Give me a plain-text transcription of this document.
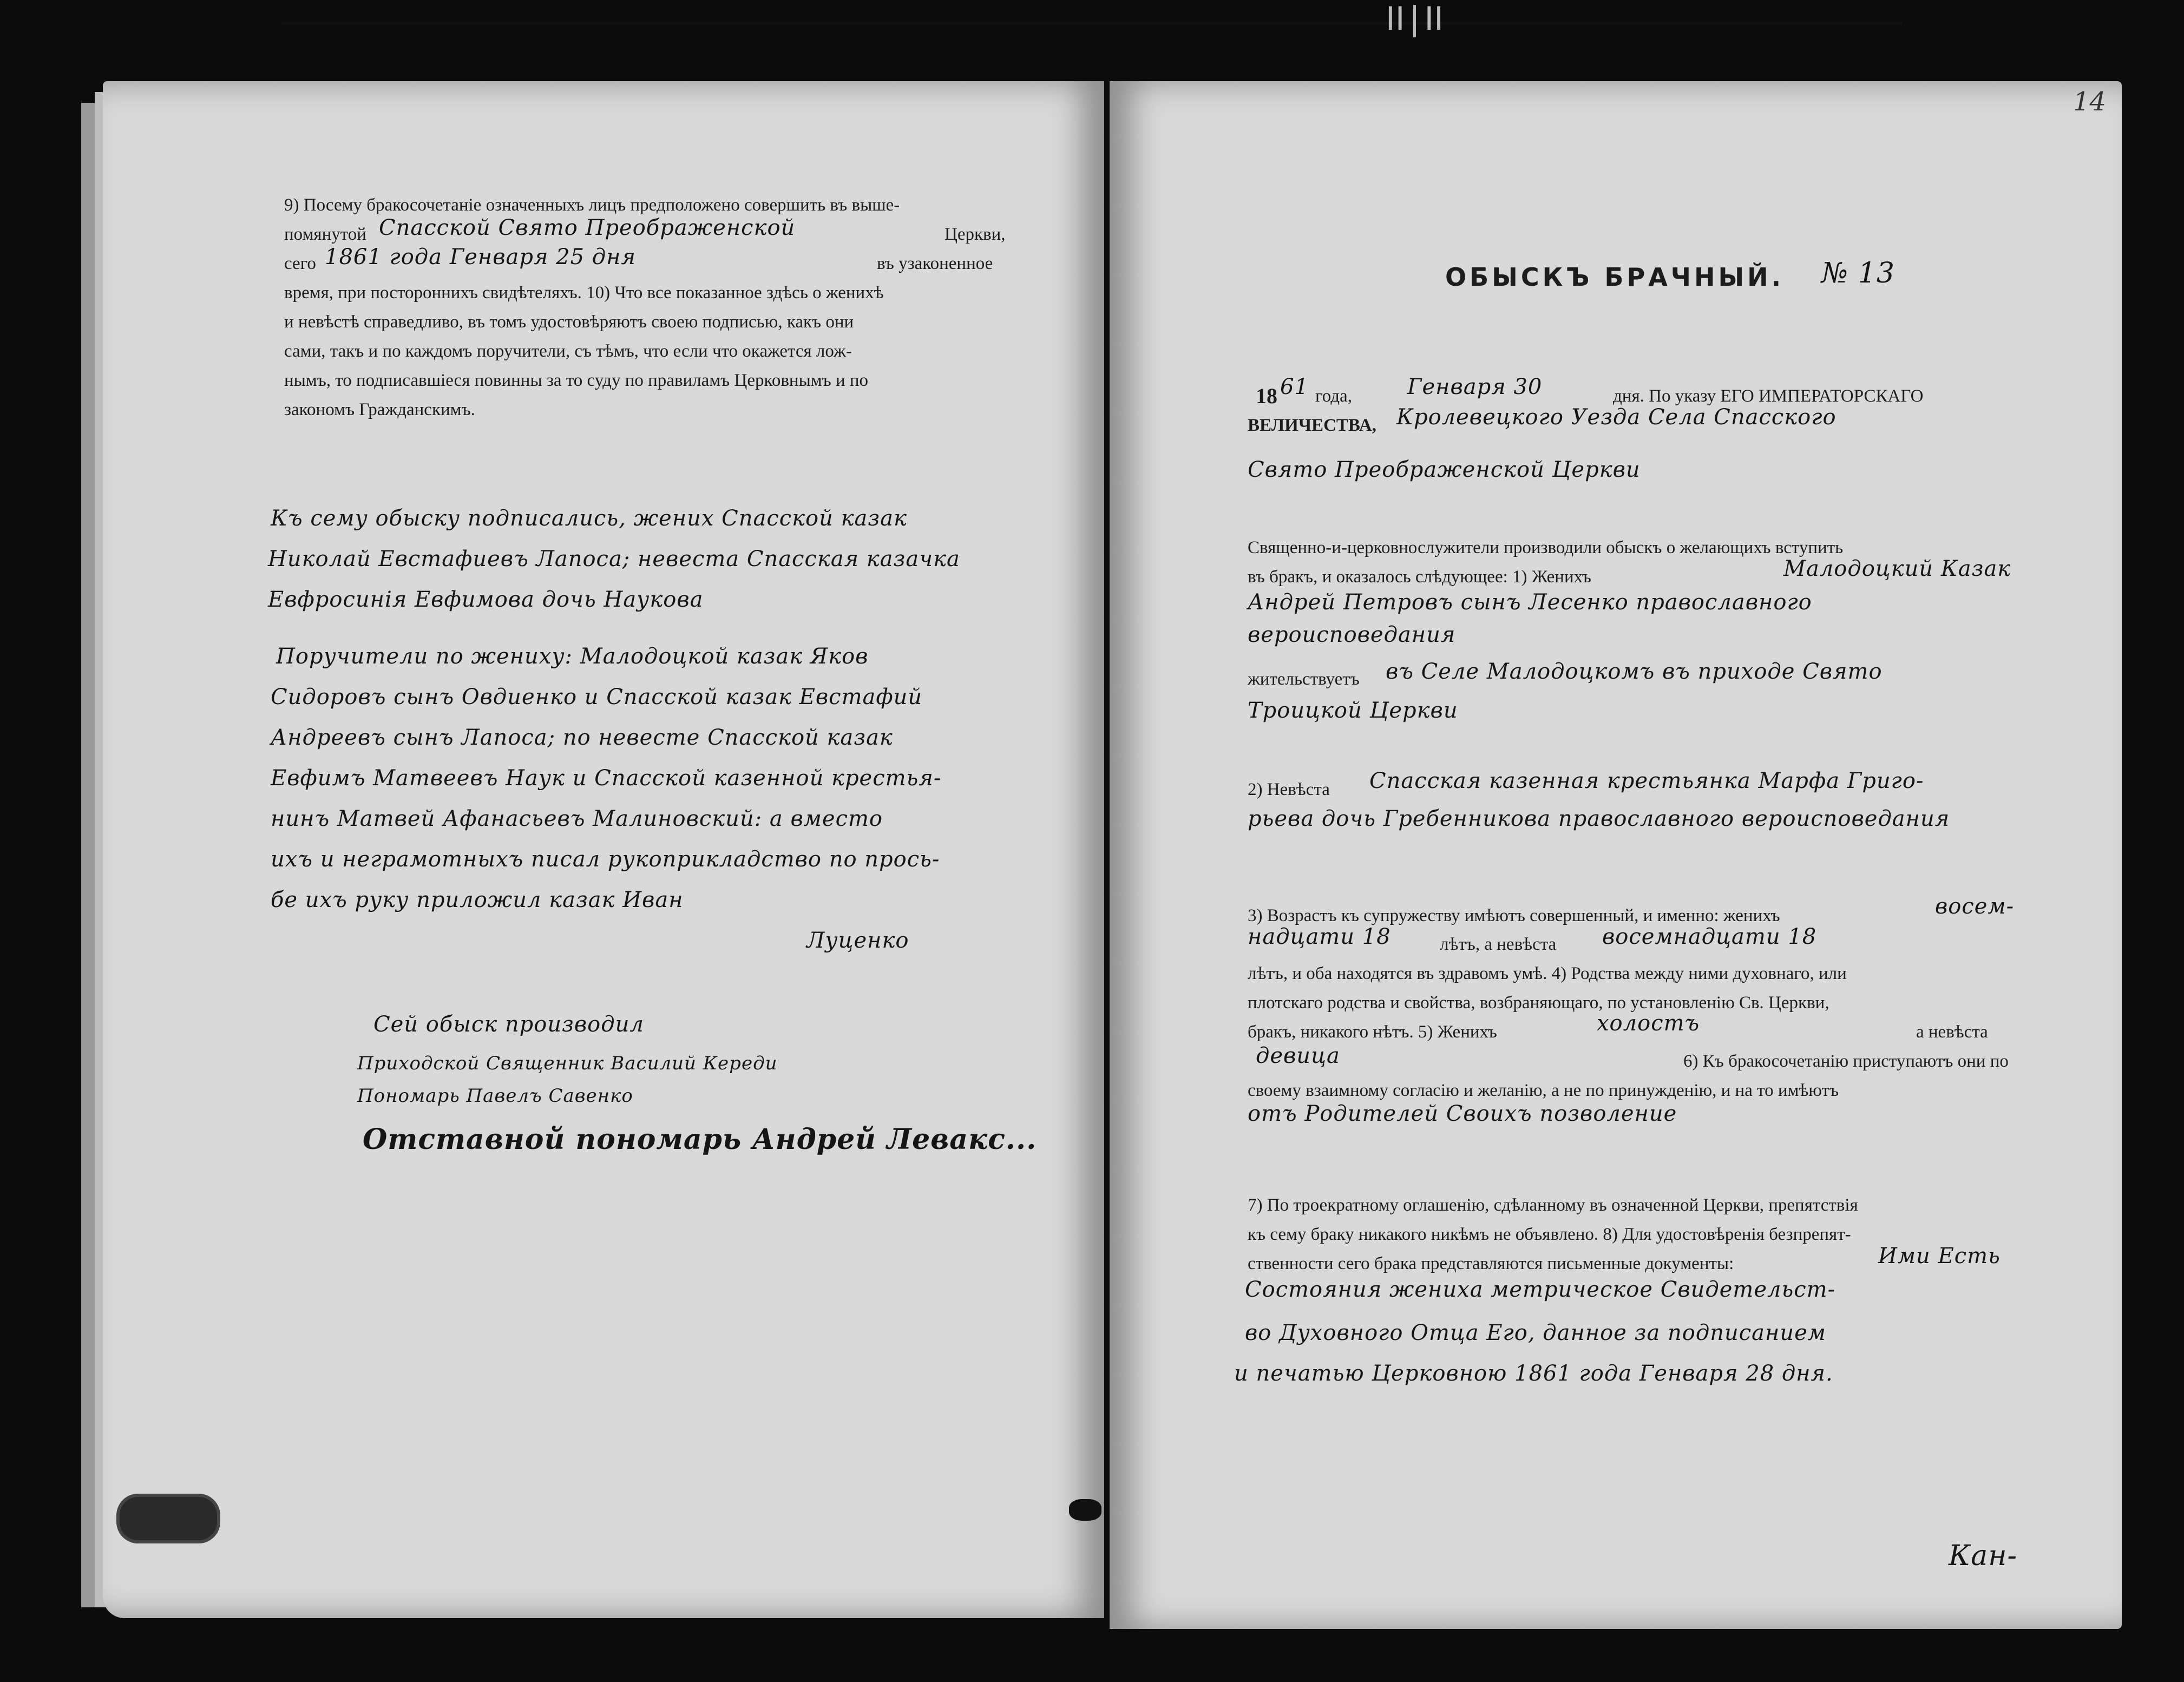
ⅠⅠ|ⅠⅠ
9) Посему бракосочетаніе означенныхъ лицъ предположено совершить въ выше-
помянутой Спасской Свято Преображенской	Церкви,
сего 1861 года Генваря 25 дня	въ узаконенное
время, при постороннихъ свидѣтеляхъ. 10) Что все показанное здѣсь о женихѣ
и невѣстѣ справедливо, въ томъ удостовѣряютъ своею подписью, какъ они
сами, такъ и по каждомъ поручители, съ тѣмъ, что если что окажется лож-
нымъ, то подписавшіеся повинны за то суду по правиламъ Церковнымъ и по
закономъ Гражданскимъ.
Къ сему обыску подписались, жених Спасской казак
Николай Евстафиевъ Лапоса; невеста Спасская казачка
Евфросинія Евфимова дочь Наукова
Поручители по жениху: Малодоцкой казак Яков
Сидоровъ сынъ Овдиенко и Спасской казак Евстафий
Андреевъ сынъ Лапоса; по невесте Спасской казак
Евфимъ Матвеевъ Наук и Спасской казенной крестья-
нинъ Матвей Афанасьевъ Малиновский: а вместо
ихъ и неграмотныхъ писал рукоприкладство по прось-
бе ихъ руку приложил казак Иван
Луценко
Сей обыск производил
Приходской Священник Василий Кереди
Пономарь Павелъ Савенко
Отставной пономарь Андрей Левакс...
14
ОБЫСКЪ БРАЧНЫЙ. № 13
18 61 года,	Генваря 30	дня. По указу ЕГО ИМПЕРАТОРСКАГО
ВЕЛИЧЕСТВА, Кролевецкого Уезда Села Спасского
Свято Преображенской Церкви
Священно-и-церковнослужители производили обыскъ о желающихъ вступить
въ бракъ, и оказалось слѣдующее: 1) Женихъ	Малодоцкий Казак
Андрей Петровъ сынъ Лесенко православного
вероисповедания
жительствуетъ въ Селе Малодоцкомъ въ приходе Свято
Троицкой Церкви
2) Невѣста Спасская казенная крестьянка Марфа Григо-
рьева дочь Гребенникова православного вероисповедания
3) Возрастъ къ супружеству имѣютъ совершенный, и именно: женихъ	восем-
надцати 18	лѣтъ, а невѣста восемнадцати 18
лѣтъ, и оба находятся въ здравомъ умѣ. 4) Родства между ними духовнаго, или
плотскаго родства и свойства, возбраняющаго, по установленію Св. Церкви,
бракъ, никакого нѣтъ. 5) Женихъ	холостъ	а невѣста
девица	6) Къ бракосочетанію приступаютъ они по
своему взаимному согласію и желанію, а не по принужденію, и на то имѣютъ
отъ Родителей Своихъ позволение
7) По троекратному оглашенію, сдѣланному въ означенной Церкви, препятствія
къ сему браку никакого никѣмъ не объявлено. 8) Для удостовѣренія безпрепят-
ственности сего брака представляются письменные документы:	Ими Есть
Состояния жениха метрическое Свидетельст-
во Духовного Отца Его, данное за подписанием
и печатью Церковною 1861 года Генваря 28 дня.
Кан-
